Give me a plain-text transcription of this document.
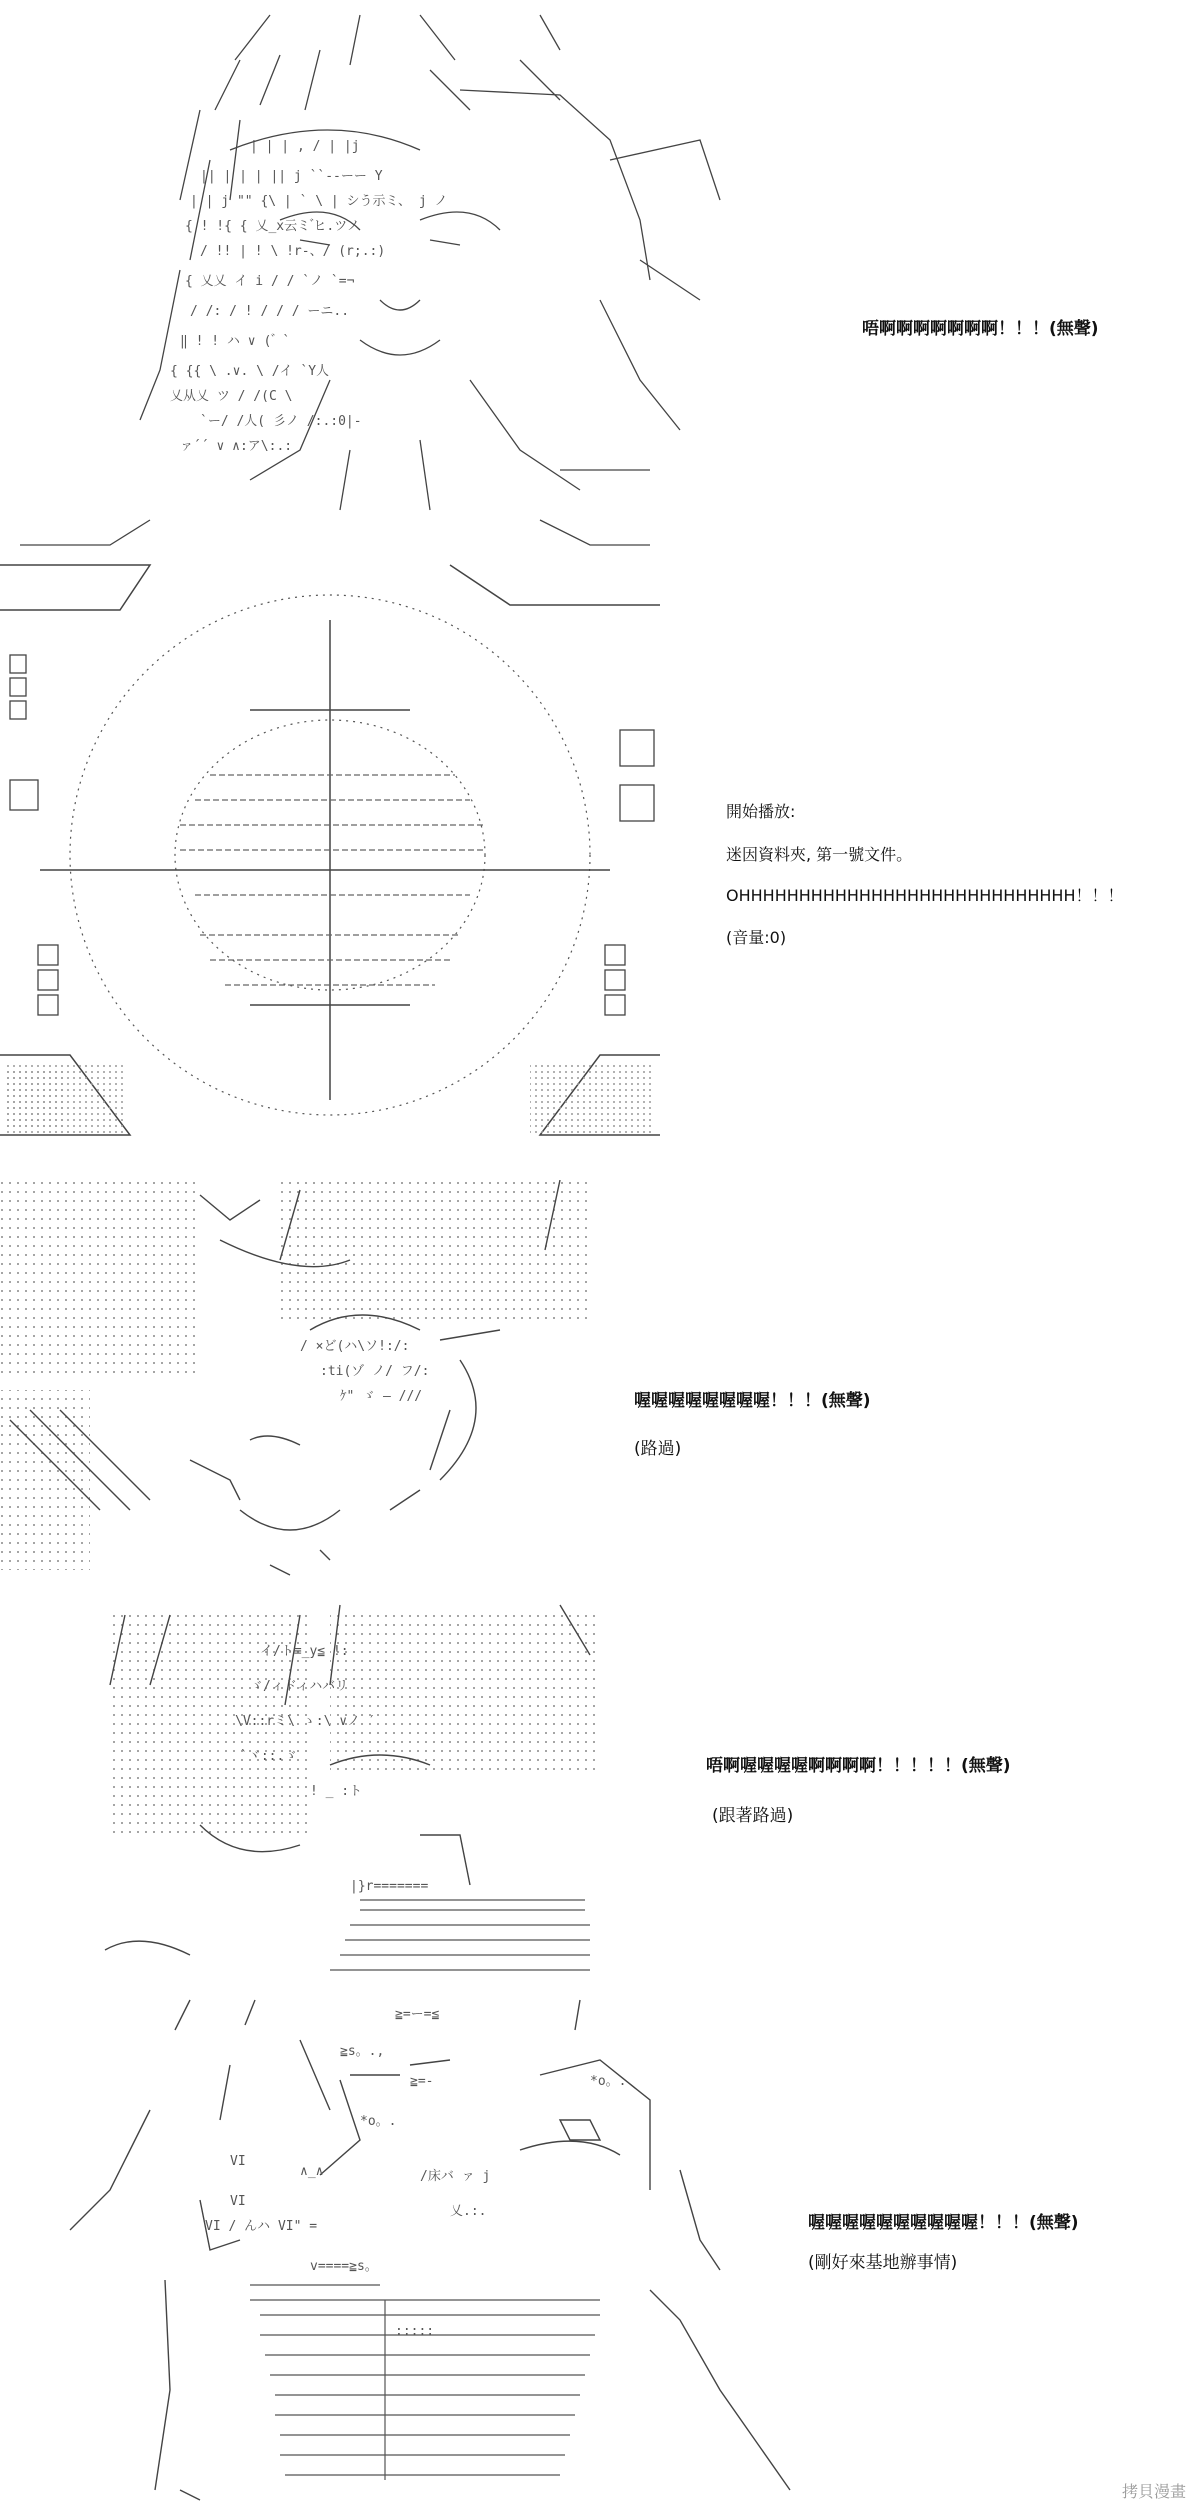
| | | , / | |j
|| | | | || j ``--ーー Y
| | j "" {\ | ` \ | シう示ミ、 j ノ
{ ! !{ { 乂_x云ミ ゙ヒ.ツノ
/ !! | ! \ !r‐、/ (r;.:)
{ 乂乂 イ i / / `ノ `=¬
/ /: / ! / / / ーニ..
‖ ! ! ハ ∨ ( ゙ `
{ {{ \ .∨. \ /イ `Y人
乂从乂 ツ / /(C \
`ー/ /人( 彡ノ /:.:0|-
ァ´´ ∨ ∧:ア\:.:
唔啊啊啊啊啊啊啊！！！(無聲)
開始播放:
迷因資料夾, 第一號文件。
OHHHHHHHHHHHHHHHHHHHHHHHHHHHH！！！
(音量:0)
/ ×ど(ハ\ソ!:/:
:ti(ゾ ノ/ フ/:
ｹ" ゞ ― ///	喔喔喔喔喔喔喔喔！！！(無聲)
(路過)
イ/ト≡_y≦ !:
ゞ/ィドィハバリ
\V::rミ\ ゝ:\ ∨ノ ′
`ヾ::.ゞ
! _ :ト
|}r=======
唔啊喔喔喔喔啊啊啊啊！！！！！(無聲)
(跟著路過)
≧=ー=≦
≧s。.,
≧=-	*o。.
*o。.
VI
VI
VI / んハ VI" =
∧_∧	/床バ ァ j
乂.:.
v====≧s。
:::::
喔喔喔喔喔喔喔喔喔喔！！！(無聲)
(剛好來基地辦事情)
拷貝漫畫
